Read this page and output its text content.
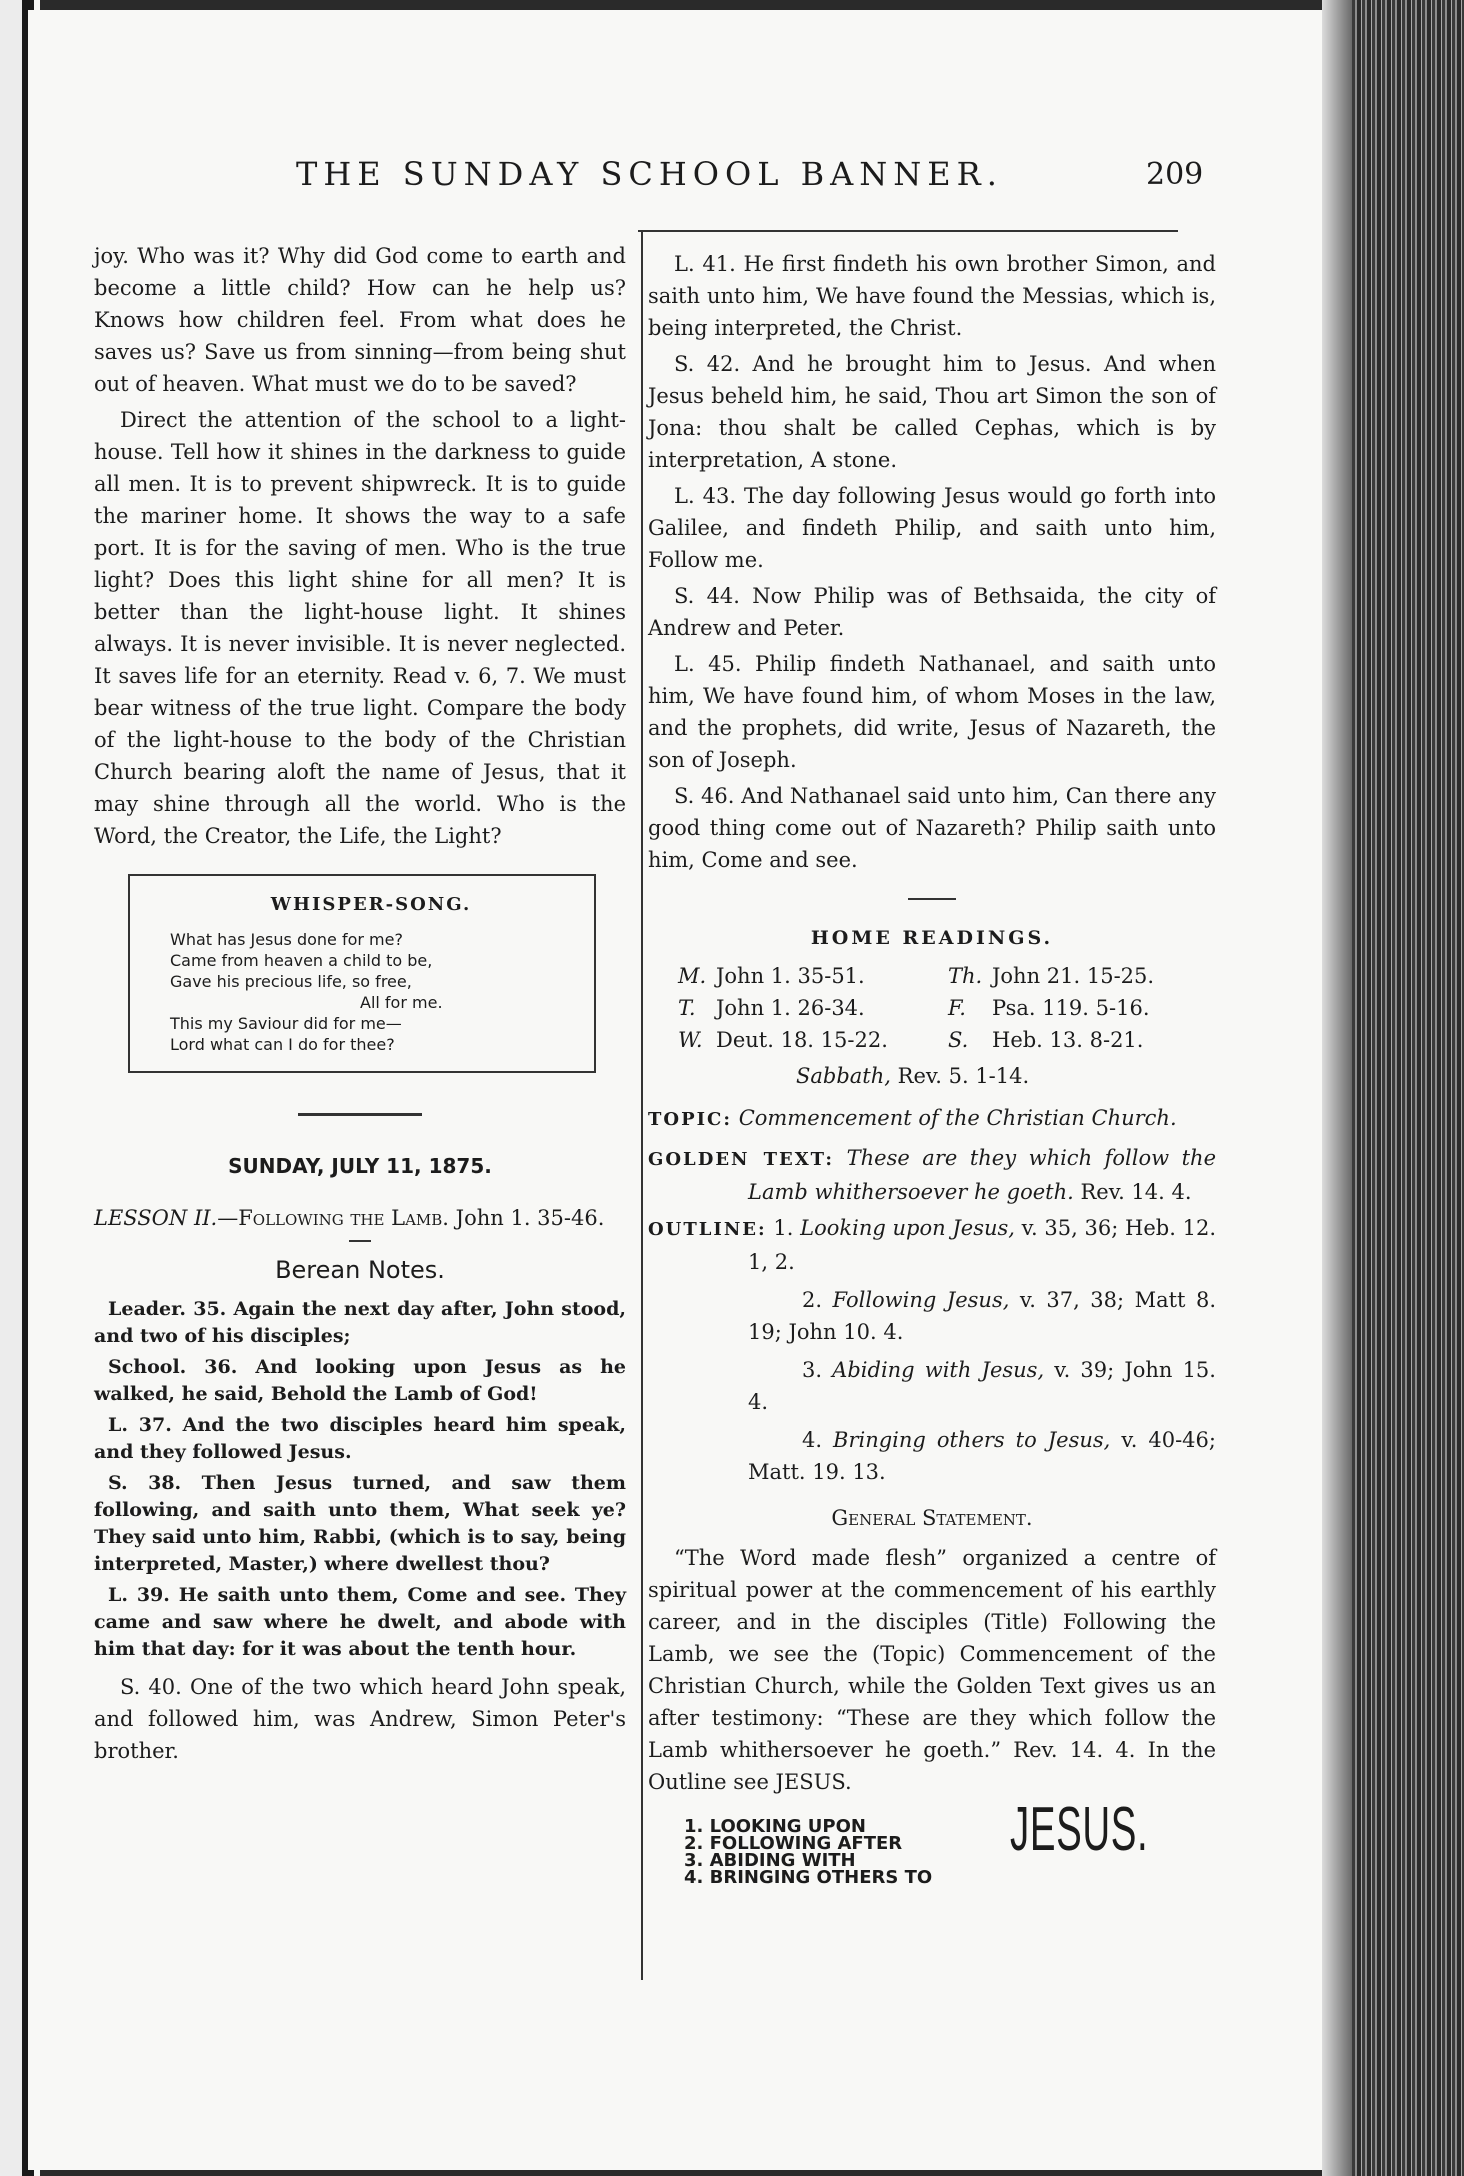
THE SUNDAY SCHOOL BANNER.	209

joy. Who was it? Why did God come to earth and become a little child? How can he help us? Knows how children feel. From what does he saves us? Save us from sinning—from being shut out of heaven. What must we do to be saved?

Direct the attention of the school to a light-house. Tell how it shines in the darkness to guide all men. It is to prevent shipwreck. It is to guide the mariner home. It shows the way to a safe port. It is for the saving of men. Who is the true light? Does this light shine for all men? It is better than the light-house light. It shines always. It is never invisible. It is never neglected. It saves life for an eternity. Read v. 6, 7. We must bear witness of the true light. Compare the body of the light-house to the body of the Christian Church bearing aloft the name of Jesus, that it may shine through all the world. Who is the Word, the Creator, the Life, the Light?

WHISPER-SONG.
What has Jesus done for me?
Came from heaven a child to be,
Gave his precious life, so free,
All for me.
This my Saviour did for me—
Lord what can I do for thee?
SUNDAY, JULY 11, 1875.

LESSON II.—Following the Lamb. John 1. 35-46.

Berean Notes.

Leader. 35. Again the next day after, John stood, and two of his disciples;

School. 36. And looking upon Jesus as he walked, he said, Behold the Lamb of God!

L. 37. And the two disciples heard him speak, and they followed Jesus.

S. 38. Then Jesus turned, and saw them following, and saith unto them, What seek ye? They said unto him, Rabbi, (which is to say, being interpreted, Master,) where dwellest thou?

L. 39. He saith unto them, Come and see. They came and saw where he dwelt, and abode with him that day: for it was about the tenth hour.

S. 40. One of the two which heard John speak, and followed him, was Andrew, Simon Peter's brother.

L. 41. He first findeth his own brother Simon, and saith unto him, We have found the Messias, which is, being interpreted, the Christ.

S. 42. And he brought him to Jesus. And when Jesus beheld him, he said, Thou art Simon the son of Jona: thou shalt be called Cephas, which is by interpretation, A stone.

L. 43. The day following Jesus would go forth into Galilee, and findeth Philip, and saith unto him, Follow me.

S. 44. Now Philip was of Bethsaida, the city of Andrew and Peter.

L. 45. Philip findeth Nathanael, and saith unto him, We have found him, of whom Moses in the law, and the prophets, did write, Jesus of Nazareth, the son of Joseph.

S. 46. And Nathanael said unto him, Can there any good thing come out of Nazareth? Philip saith unto him, Come and see.

HOME READINGS.
M. John 1. 35-51.	Th. John 21. 15-25.
T. John 1. 26-34.	F. Psa. 119. 5-16.
W. Deut. 18. 15-22.	S. Heb. 13. 8-21.
Sabbath, Rev. 5. 1-14.

TOPIC: Commencement of the Christian Church.

GOLDEN TEXT: These are they which follow the Lamb whithersoever he goeth. Rev. 14. 4.

OUTLINE: 1. Looking upon Jesus, v. 35, 36; Heb. 12. 1, 2.

2. Following Jesus, v. 37, 38; Matt 8. 19; John 10. 4.

3. Abiding with Jesus, v. 39; John 15. 4.

4. Bringing others to Jesus, v. 40-46; Matt. 19. 13.

General Statement.

“The Word made flesh” organized a centre of spiritual power at the commencement of his earthly career, and in the disciples (Title) Following the Lamb, we see the (Topic) Commencement of the Christian Church, while the Golden Text gives us an after testimony: “These are they which follow the Lamb whithersoever he goeth.” Rev. 14. 4. In the Outline see JESUS.

1. LOOKING UPON
2. FOLLOWING AFTER
3. ABIDING WITH
4. BRINGING OTHERS TO
JESUS.
